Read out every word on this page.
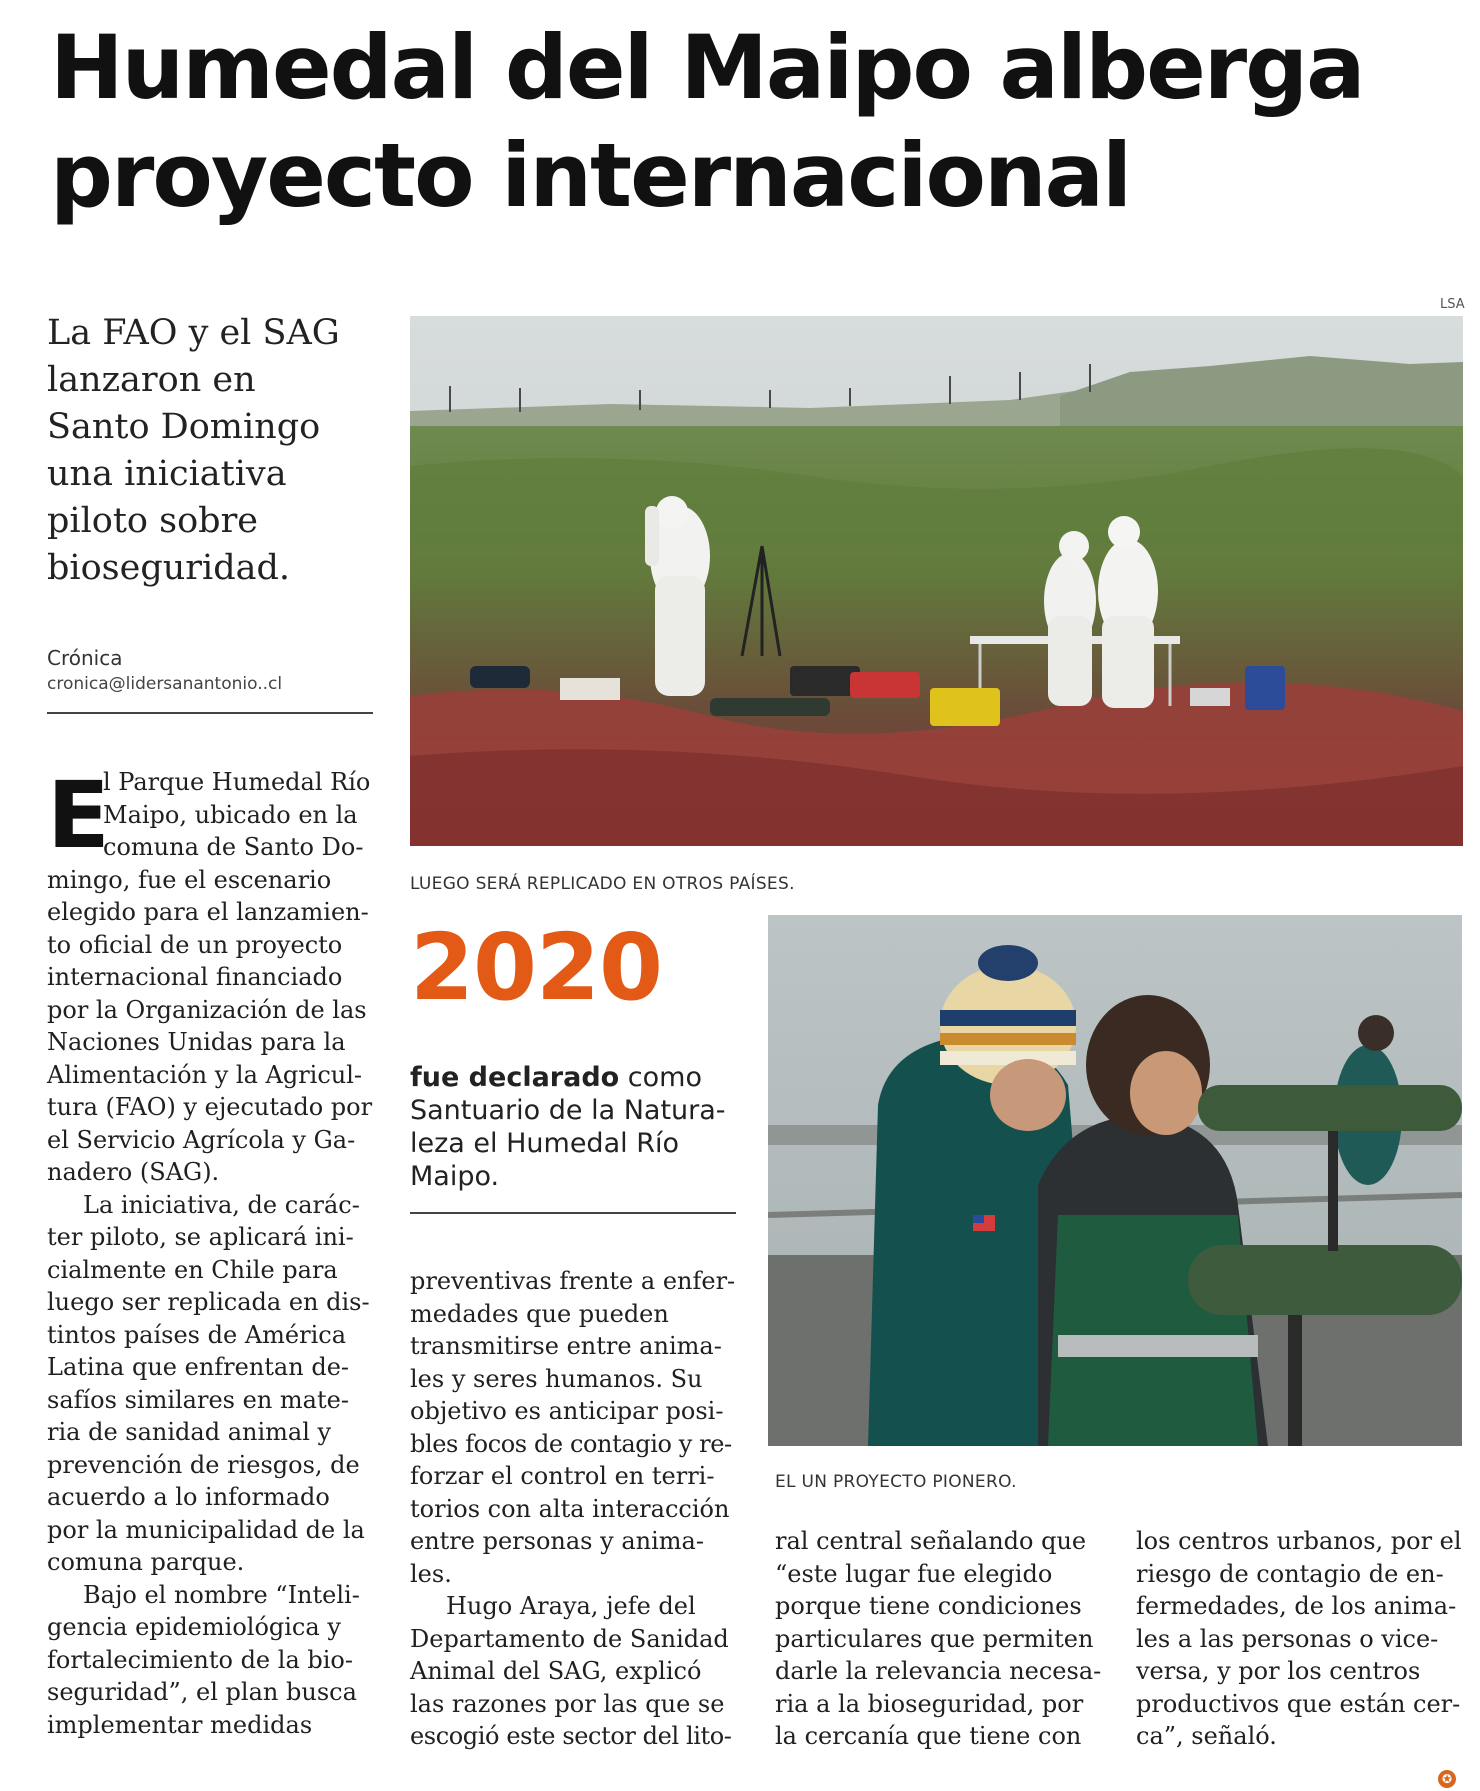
Humedal del Maipo alberga
proyecto internacional
La FAO y el SAG
lanzaron en
Santo Domingo
una iniciativa
piloto sobre
bioseguridad.
Crónica
cronica@lidersanantonio..cl
LSA
LUEGO SERÁ REPLICADO EN OTROS PAÍSES.
2020
fue declarado como
Santuario de la Natura-
leza el Humedal Río
Maipo.
EL UN PROYECTO PIONERO.
E
l Parque Humedal Río
Maipo, ubicado en la
comuna de Santo Do-
mingo, fue el escenario
elegido para el lanzamien-
to oficial de un proyecto
internacional financiado
por la Organización de las
Naciones Unidas para la
Alimentación y la Agricul-
tura (FAO) y ejecutado por
el Servicio Agrícola y Ga-
nadero (SAG).
La iniciativa, de carác-
ter piloto, se aplicará ini-
cialmente en Chile para
luego ser replicada en dis-
tintos países de América
Latina que enfrentan de-
safíos similares en mate-
ria de sanidad animal y
prevención de riesgos, de
acuerdo a lo informado
por la municipalidad de la
comuna parque.
Bajo el nombre “Inteli-
gencia epidemiológica y
fortalecimiento de la bio-
seguridad”, el plan busca
implementar medidas
preventivas frente a enfer-
medades que pueden
transmitirse entre anima-
les y seres humanos. Su
objetivo es anticipar posi-
bles focos de contagio y re-
forzar el control en terri-
torios con alta interacción
entre personas y anima-
les.
Hugo Araya, jefe del
Departamento de Sanidad
Animal del SAG, explicó
las razones por las que se
escogió este sector del lito-
ral central señalando que
“este lugar fue elegido
porque tiene condiciones
particulares que permiten
darle la relevancia necesa-
ria a la bioseguridad, por
la cercanía que tiene con
los centros urbanos, por el
riesgo de contagio de en-
fermedades, de los anima-
les a las personas o vice-
versa, y por los centros
productivos que están cer-
ca”, señaló.
✪
